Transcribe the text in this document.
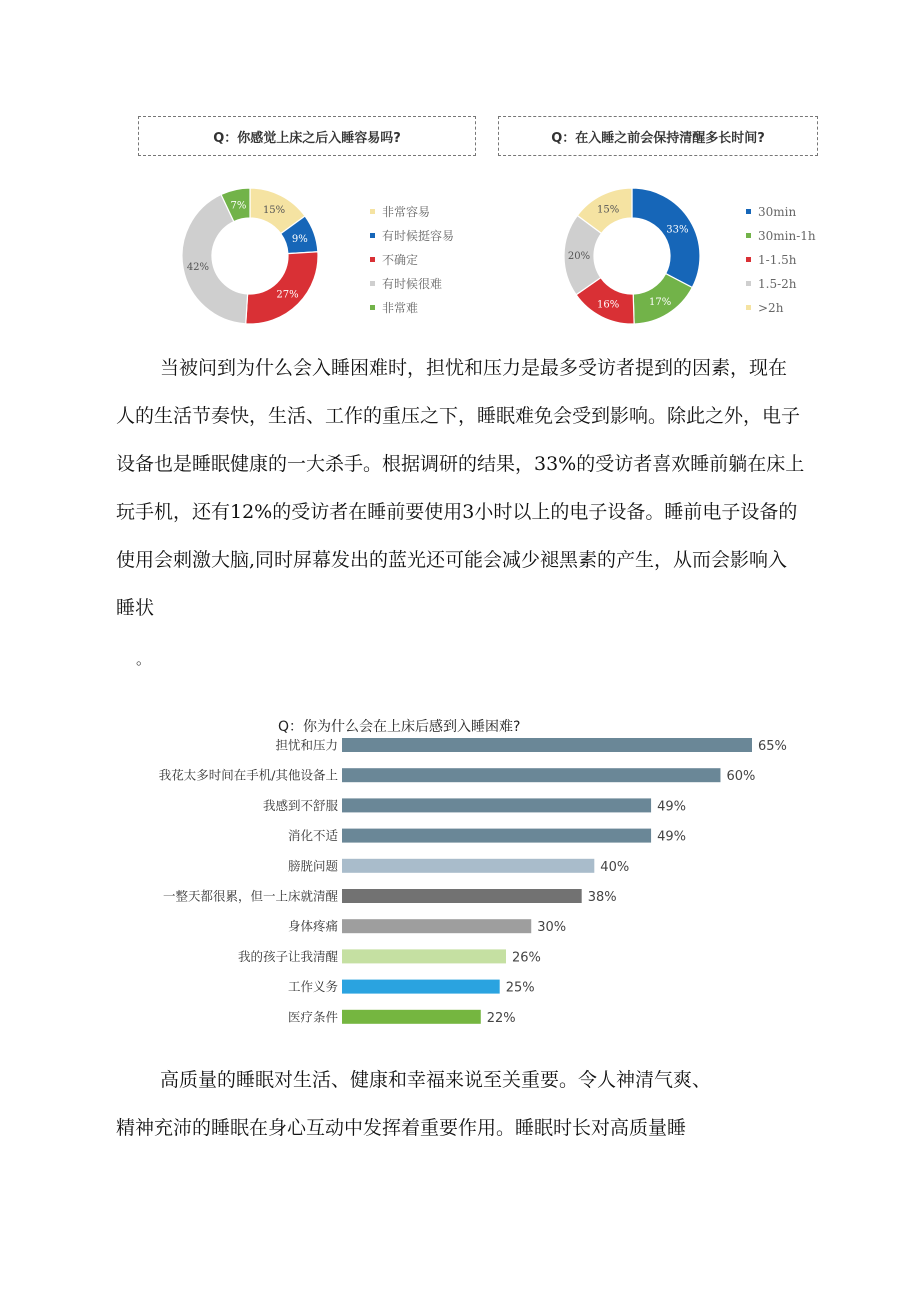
Q：你感觉上床之后入睡容易吗?
15%
9%
27%
42%
7%	非常容易
有时候挺容易
不确定
有时候很难
非常难
Q：在入睡之前会保持清醒多长时间?
33%
17%
16%
20%
15%	30min
30min-1h
1-1.5h
1.5-2h
>2h
当被问到为什么会入睡困难时，担忧和压力是最多受访者提到的因素，现在
人的生活节奏快，生活、工作的重压之下，睡眠难免会受到影响。除此之外，电子
设备也是睡眠健康的一大杀手。根据调研的结果，33%的受访者喜欢睡前躺在床上
玩手机，还有12%的受访者在睡前要使用3小时以上的电子设备。睡前电子设备的
使用会刺激大脑,同时屏幕发出的蓝光还可能会减少褪黑素的产生，从而会影响入
睡状
。
Q：你为什么会在上床后感到入睡困难?
担忧和压力	65%
我花太多时间在手机/其他设备上	60%
我感到不舒服	49%
消化不适	49%
膀胱问题	40%
一整天都很累，但一上床就清醒	38%
身体疼痛	30%
我的孩子让我清醒	26%
工作义务	25%
医疗条件	22%
高质量的睡眠对生活、健康和幸福来说至关重要。令人神清气爽、
精神充沛的睡眠在身心互动中发挥着重要作用。睡眠时长对高质量睡
